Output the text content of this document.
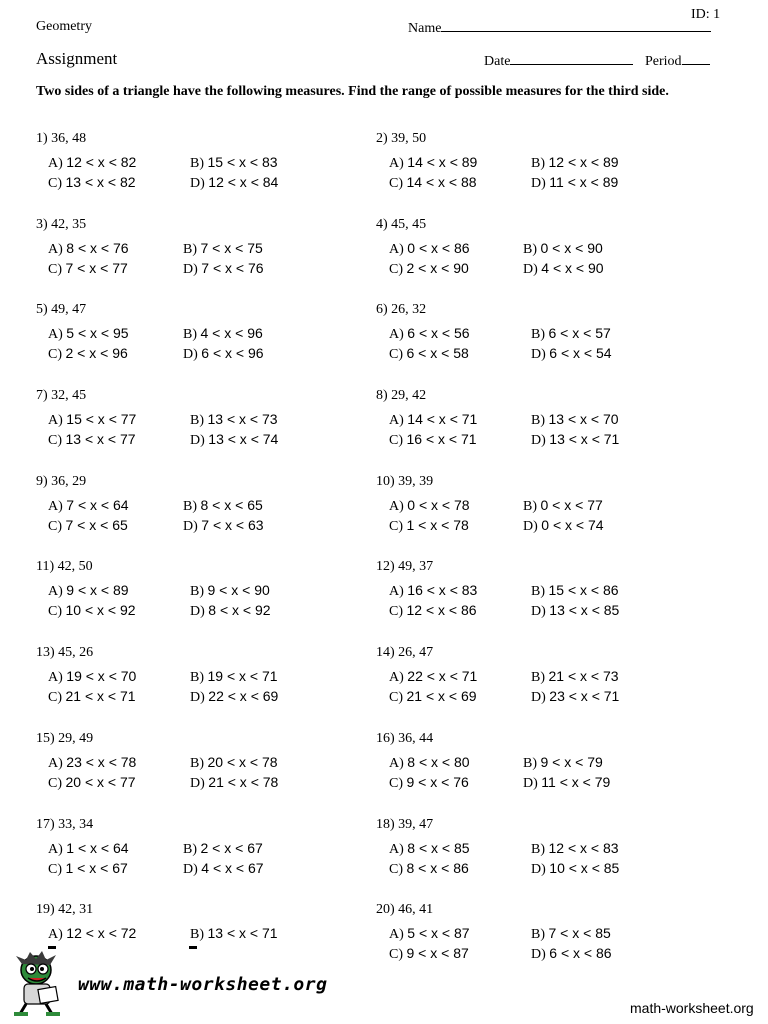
ID: 1
Geometry	Name
Assignment	Date	Period
Two sides of a triangle have the following measures. Find the range of possible measures for the third side.
1) 36, 48
A) 12 < x < 82	B) 15 < x < 83
C) 13 < x < 82	D) 12 < x < 84
2) 39, 50
A) 14 < x < 89	B) 12 < x < 89
C) 14 < x < 88	D) 11 < x < 89
3) 42, 35
A) 8 < x < 76	B) 7 < x < 75
C) 7 < x < 77	D) 7 < x < 76
4) 45, 45
A) 0 < x < 86	B) 0 < x < 90
C) 2 < x < 90	D) 4 < x < 90
5) 49, 47
A) 5 < x < 95	B) 4 < x < 96
C) 2 < x < 96	D) 6 < x < 96
6) 26, 32
A) 6 < x < 56	B) 6 < x < 57
C) 6 < x < 58	D) 6 < x < 54
7) 32, 45
A) 15 < x < 77	B) 13 < x < 73
C) 13 < x < 77	D) 13 < x < 74
8) 29, 42
A) 14 < x < 71	B) 13 < x < 70
C) 16 < x < 71	D) 13 < x < 71
9) 36, 29
A) 7 < x < 64	B) 8 < x < 65
C) 7 < x < 65	D) 7 < x < 63
10) 39, 39
A) 0 < x < 78	B) 0 < x < 77
C) 1 < x < 78	D) 0 < x < 74
11) 42, 50
A) 9 < x < 89	B) 9 < x < 90
C) 10 < x < 92	D) 8 < x < 92
12) 49, 37
A) 16 < x < 83	B) 15 < x < 86
C) 12 < x < 86	D) 13 < x < 85
13) 45, 26
A) 19 < x < 70	B) 19 < x < 71
C) 21 < x < 71	D) 22 < x < 69
14) 26, 47
A) 22 < x < 71	B) 21 < x < 73
C) 21 < x < 69	D) 23 < x < 71
15) 29, 49
A) 23 < x < 78	B) 20 < x < 78
C) 20 < x < 77	D) 21 < x < 78
16) 36, 44
A) 8 < x < 80	B) 9 < x < 79
C) 9 < x < 76	D) 11 < x < 79
17) 33, 34
A) 1 < x < 64	B) 2 < x < 67
C) 1 < x < 67	D) 4 < x < 67
18) 39, 47
A) 8 < x < 85	B) 12 < x < 83
C) 8 < x < 86	D) 10 < x < 85
19) 42, 31
A) 12 < x < 72	B) 13 < x < 71
20) 46, 41
A) 5 < x < 87	B) 7 < x < 85
C) 9 < x < 87	D) 6 < x < 86
www.math-worksheet.org
math-worksheet.org
